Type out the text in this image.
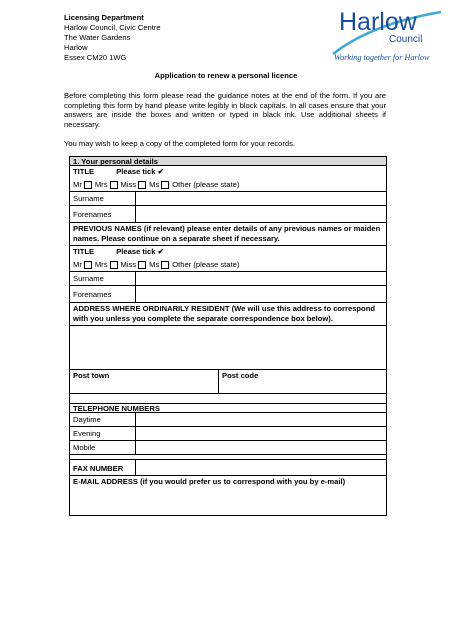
Licensing Department
Harlow Council, Civic Centre
The Water Gardens
Harlow
Essex CM20 1WG
Harlow
Council
Working together for Harlow
Application to renew a personal licence

Before completing this form please read the guidance notes at the end of the form. If you are completing this form by hand please write legibly in block capitals. In all cases ensure that your answers are inside the boxes and written or typed in black ink. Use additional sheets if necessary.

You may wish to keep a copy of the completed form for your records.

1. Your personal details
TITLE	Please tick ✔
Mr Mrs Miss Ms Other (please state)
Surname
Forenames
PREVIOUS NAMES (if relevant) please enter details of any previous names or maiden names. Please continue on a separate sheet if necessary.
TITLE	Please tick ✔
Mr Mrs Miss Ms Other (please state)
Surname
Forenames
ADDRESS WHERE ORDINARILY RESIDENT (We will use this address to correspond with you unless you complete the separate correspondence box below).
Post town	Post code
TELEPHONE NUMBERS
Daytime
Evening
Mobile
FAX NUMBER
E-MAIL ADDRESS (if you would prefer us to correspond with you by e-mail)
